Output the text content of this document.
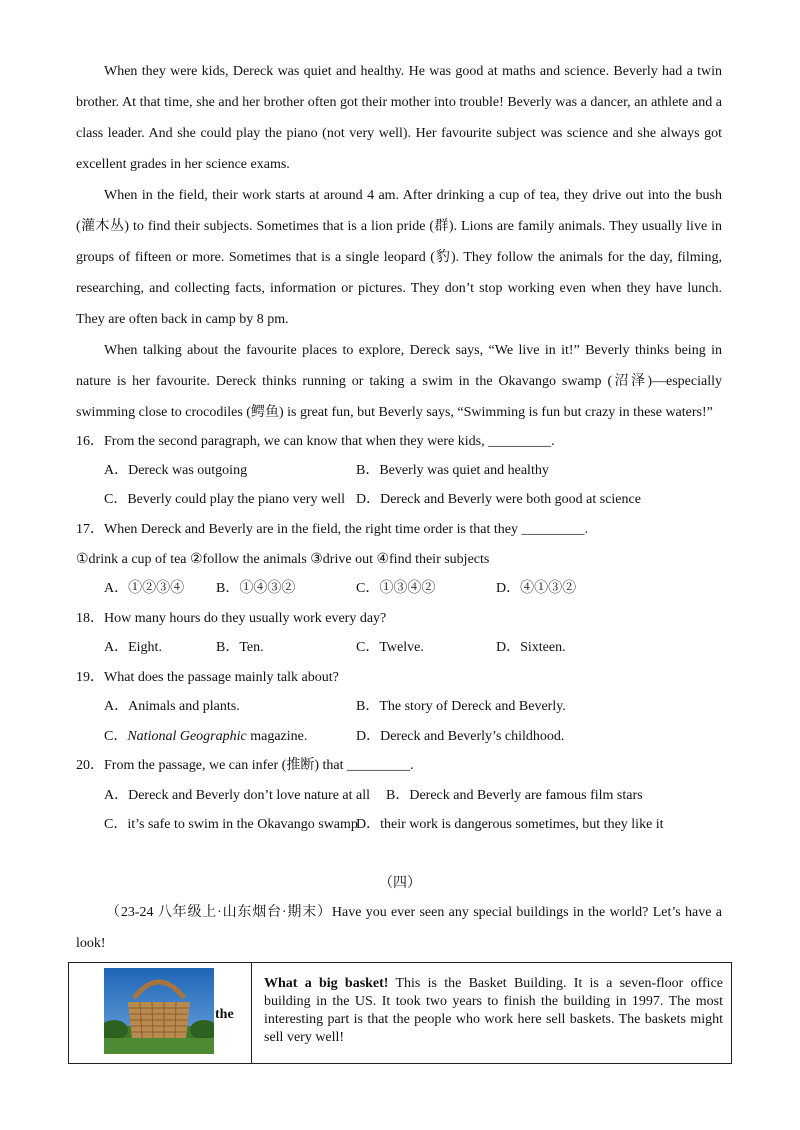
When they were kids, Dereck was quiet and healthy. He was good at maths and science. Beverly had a twin brother. At that time, she and her brother often got their mother into trouble! Beverly was a dancer, an athlete and a class leader. And she could play the piano (not very well). Her favourite subject was science and she always got excellent grades in her science exams.
When in the field, their work starts at around 4 am. After drinking a cup of tea, they drive out into the bush (灌木丛) to find their subjects. Sometimes that is a lion pride (群). Lions are family animals. They usually live in groups of fifteen or more. Sometimes that is a single leopard (豹). They follow the animals for the day, filming, researching, and collecting facts, information or pictures. They don’t stop working even when they have lunch. They are often back in camp by 8 pm.
When talking about the favourite places to explore, Dereck says, “We live in it!” Beverly thinks being in nature is her favourite. Dereck thinks running or taking a swim in the Okavango swamp (沼泽)—especially swimming close to crocodiles (鳄鱼) is great fun, but Beverly says, “Swimming is fun but crazy in these waters!”
16．From the second paragraph, we can know that when they were kids, _________.
A．Dereck was outgoing	B．Beverly was quiet and healthy
C．Beverly could play the piano very well D．Dereck and Beverly were both good at science
17．When Dereck and Beverly are in the field, the right time order is that they _________.
①drink a cup of tea ②follow the animals ③drive out ④find their subjects
A．①②③④ B．①④③②	C．①③④②	D．④①③②
18．How many hours do they usually work every day?
A．Eight.	B．Ten.	C．Twelve.	D．Sixteen.
19．What does the passage mainly talk about?
A．Animals and plants.	B．The story of Dereck and Beverly.
C．National Geographic magazine.	D．Dereck and Beverly’s childhood.
20．From the passage, we can infer (推断) that _________.
A．Dereck and Beverly don’t love nature at all B．Dereck and Beverly are famous film stars
C．it’s safe to swim in the Okavango swamp
D．their work is dangerous sometimes, but they like it
（四）
（23-24 八年级上·山东烟台·期末）Have you ever seen any special buildings in the world? Let’s have a look!
the
	What a big basket! This is the Basket Building. It is a seven-floor office building in the US. It took two years to finish the building in 1997. The most interesting part is that the people who work here sell baskets. The baskets might sell very well!
